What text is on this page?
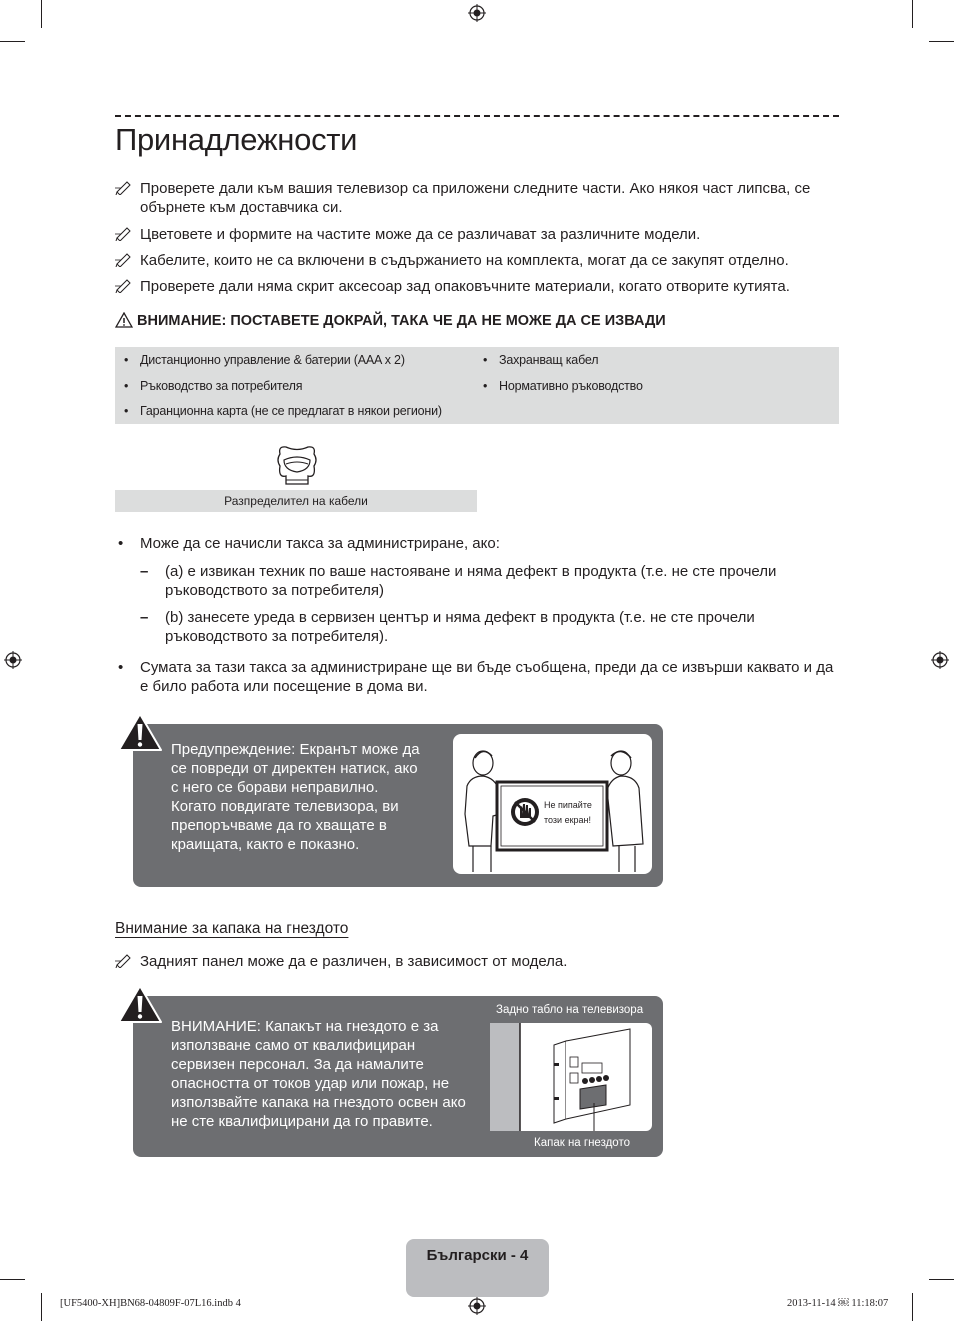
Принадлежности
Проверете дали към вашия телевизор са приложени следните части. Ако някоя част липсва, се обърнете към доставчика си.
Цветовете и формите на частите може да се различават за различните модели.
Кабелите, които не са включени в съдържанието на комплекта, могат да се закупят отделно.
Проверете дали няма скрит аксесоар зад опаковъчните материали, когато отворите кутията.
ВНИМАНИЕ: ПОСТАВЕТЕ ДОКРАЙ, ТАКА ЧЕ ДА НЕ МОЖЕ ДА СЕ ИЗВАДИ
• Дистанционно управление & батерии (AAA x 2)
• Ръководство за потребителя
• Гаранционна карта (не се предлагат в някои региони)
• Захранващ кабел
• Нормативно ръководство
Разпределител на кабели
• Може да се начисли такса за администриране, ако:
– (a) е извикан техник по ваше настояване и няма дефект в продукта (т.е. не сте прочели ръководството за потребителя)
– (b) занесете уреда в сервизен център и няма дефект в продукта (т.е. не сте прочели ръководството за потребителя).
• Сумата за тази такса за администриране ще ви бъде съобщена, преди да се извърши каквато и да е било работа или посещение в дома ви.
Предупреждение: Екранът може да се повреди от директен натиск, ако с него се борави неправилно. Когато повдигате телевизора, ви препоръчваме да го хващате в краищата, както е показно.
Не пипайте
този екран!
Внимание за капака на гнездото
Задният панел може да е различен, в зависимост от модела.
ВНИМАНИЕ: Капакът на гнездото е за използване само от квалифициран сервизен персонал. За да намалите опасността от токов удар или пожар, не използвайте капака на гнездото освен ако не сте квалифицирани да го правите.
Задно табло на телевизора
Капак на гнездото
Български - 4
[UF5400-XH]BN68-04809F-07L16.indb 4	2013-11-14 ￼ 11:18:07
